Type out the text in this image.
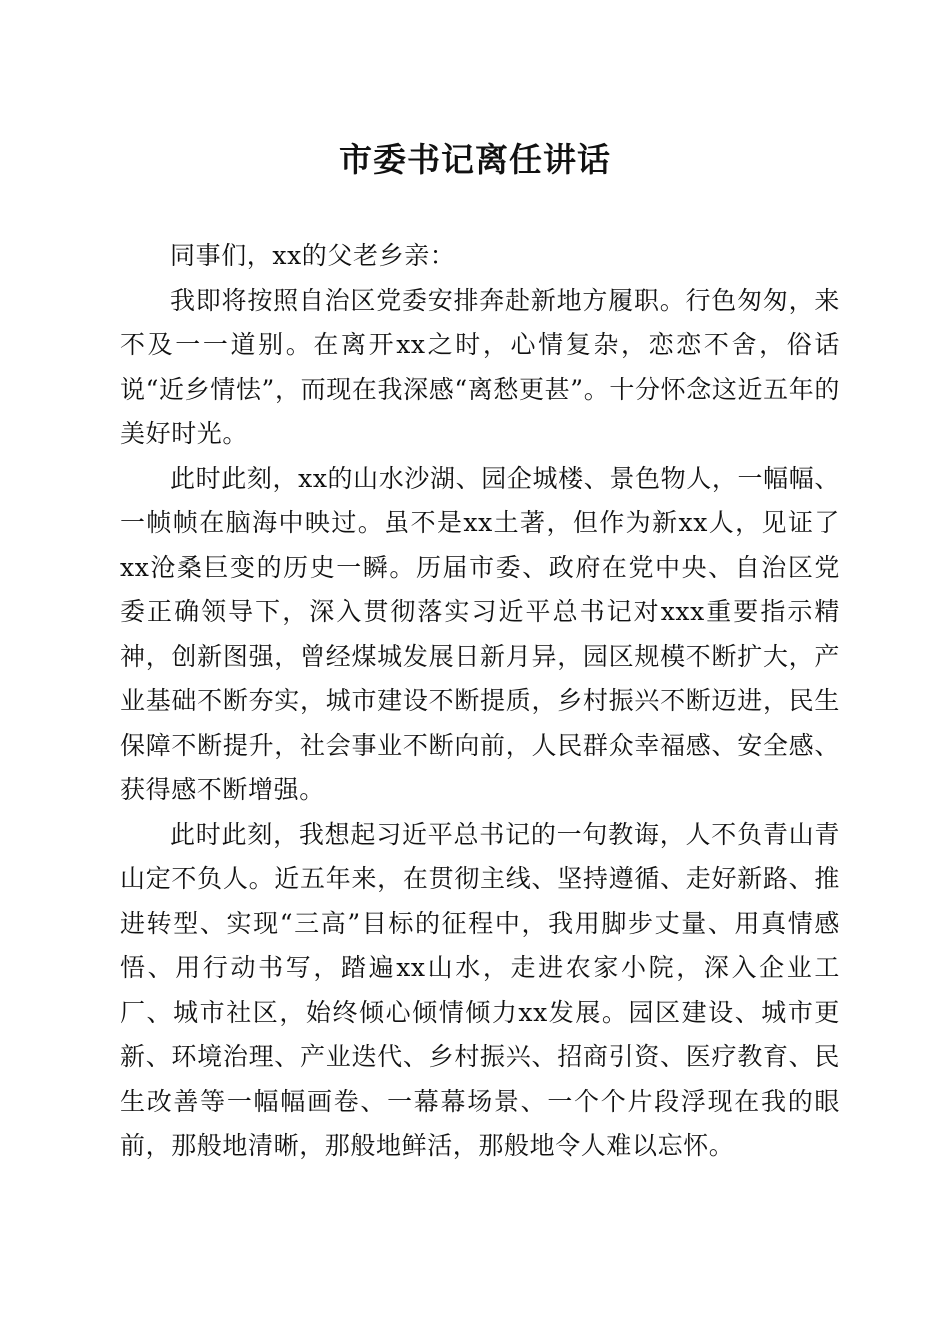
市委书记离任讲话

同事们，xx的父老乡亲：

我即将按照自治区党委安排奔赴新地方履职。行色匆匆，来不及一一道别。在离开xx之时，心情复杂，恋恋不舍，俗话说“近乡情怯”，而现在我深感“离愁更甚”。十分怀念这近五年的美好时光。

此时此刻，xx的山水沙湖、园企城楼、景色物人，一幅幅、一帧帧在脑海中映过。虽不是xx土著，但作为新xx人，见证了xx沧桑巨变的历史一瞬。历届市委、政府在党中央、自治区党委正确领导下，深入贯彻落实习近平总书记对xxx重要指示精神，创新图强，曾经煤城发展日新月异，园区规模不断扩大，产业基础不断夯实，城市建设不断提质，乡村振兴不断迈进，民生保障不断提升，社会事业不断向前，人民群众幸福感、安全感、获得感不断增强。

此时此刻，我想起习近平总书记的一句教诲，人不负青山青山定不负人。近五年来，在贯彻主线、坚持遵循、走好新路、推进转型、实现“三高”目标的征程中，我用脚步丈量、用真情感悟、用行动书写，踏遍xx山水，走进农家小院，深入企业工厂、城市社区，始终倾心倾情倾力xx发展。园区建设、城市更新、环境治理、产业迭代、乡村振兴、招商引资、医疗教育、民生改善等一幅幅画卷、一幕幕场景、一个个片段浮现在我的眼前，那般地清晰，那般地鲜活，那般地令人难以忘怀。
